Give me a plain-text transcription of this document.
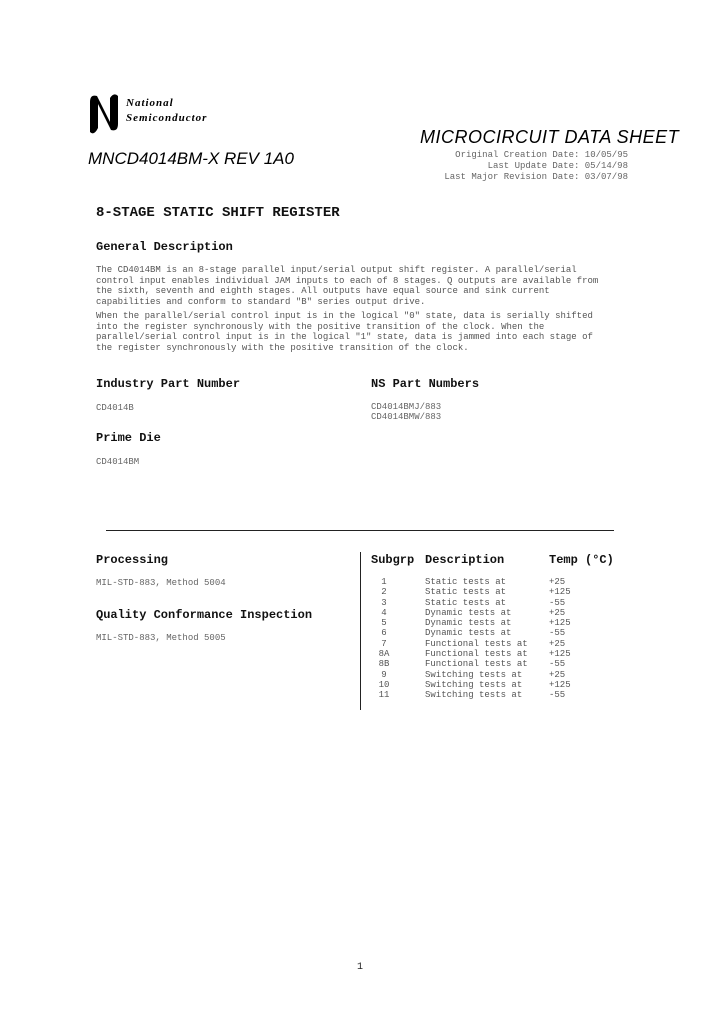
National
Semiconductor
MICROCIRCUIT DATA SHEET
MNCD4014BM-X REV 1A0	Original Creation Date: 10/05/95
Last Update Date: 05/14/98
Last Major Revision Date: 03/07/98
8-STAGE STATIC SHIFT REGISTER
General Description
The CD4014BM is an 8-stage parallel input/serial output shift register. A parallel/serial control input enables individual JAM inputs to each of 8 stages. Q outputs are available from the sixth, seventh and eighth stages. All outputs have equal source and sink current capabilities and conform to standard "B" series output drive.
When the parallel/serial control input is in the logical "0" state, data is serially shifted into the register synchronously with the positive transition of the clock. When the parallel/serial control input is in the logical "1" state, data is jammed into each stage of the register synchronously with the positive transition of the clock.
Industry Part Number
CD4014B
NS Part Numbers
CD4014BMJ/883
CD4014BMW/883
Prime Die
CD4014BM
Processing
MIL-STD-883, Method 5004
Quality Conformance Inspection
MIL-STD-883, Method 5005
Subgrp Description	Temp (°C)
1	Static tests at	+25
2	Static tests at	+125
3	Static tests at	-55
4	Dynamic tests at	+25
5	Dynamic tests at	+125
6	Dynamic tests at	-55
7	Functional tests at +25
8A	Functional tests at +125
8B	Functional tests at -55
9	Switching tests at	+25
10	Switching tests at	+125
11	Switching tests at	-55
1
